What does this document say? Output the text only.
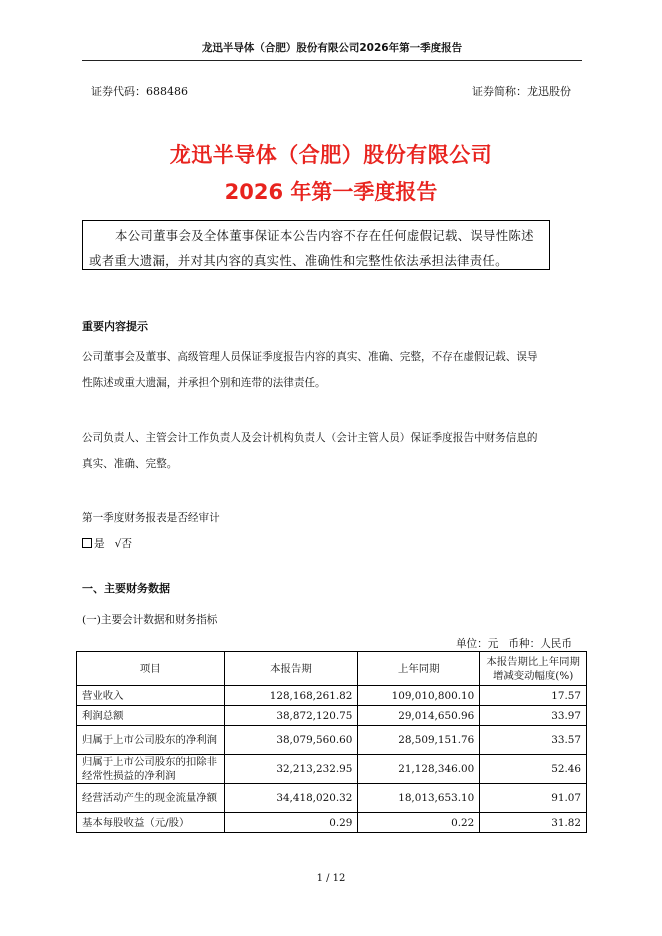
龙迅半导体（合肥）股份有限公司2026年第一季度报告
证券代码：688486	证券简称：龙迅股份
龙迅半导体（合肥）股份有限公司
2026 年第一季度报告
本公司董事会及全体董事保证本公告内容不存在任何虚假记载、误导性陈述
或者重大遗漏，并对其内容的真实性、准确性和完整性依法承担法律责任。
重要内容提示
公司董事会及董事、高级管理人员保证季度报告内容的真实、准确、完整，不存在虚假记载、误导
性陈述或重大遗漏，并承担个别和连带的法律责任。
公司负责人、主管会计工作负责人及会计机构负责人（会计主管人员）保证季度报告中财务信息的
真实、准确、完整。
第一季度财务报表是否经审计
是 √否
一、主要财务数据
(一)主要会计数据和财务指标
单位：元   币种：人民币
项目	本报告期	上年同期	本报告期比上年同期增减变动幅度(%)
营业收入	128,168,261.82	109,010,800.10	17.57
利润总额	38,872,120.75	29,014,650.96	33.97
归属于上市公司股东的净利润	38,079,560.60	28,509,151.76	33.57
归属于上市公司股东的扣除非经常性损益的净利润	32,213,232.95	21,128,346.00	52.46
经营活动产生的现金流量净额	34,418,020.32	18,013,653.10	91.07
基本每股收益（元/股）	0.29	0.22	31.82
1 / 12
